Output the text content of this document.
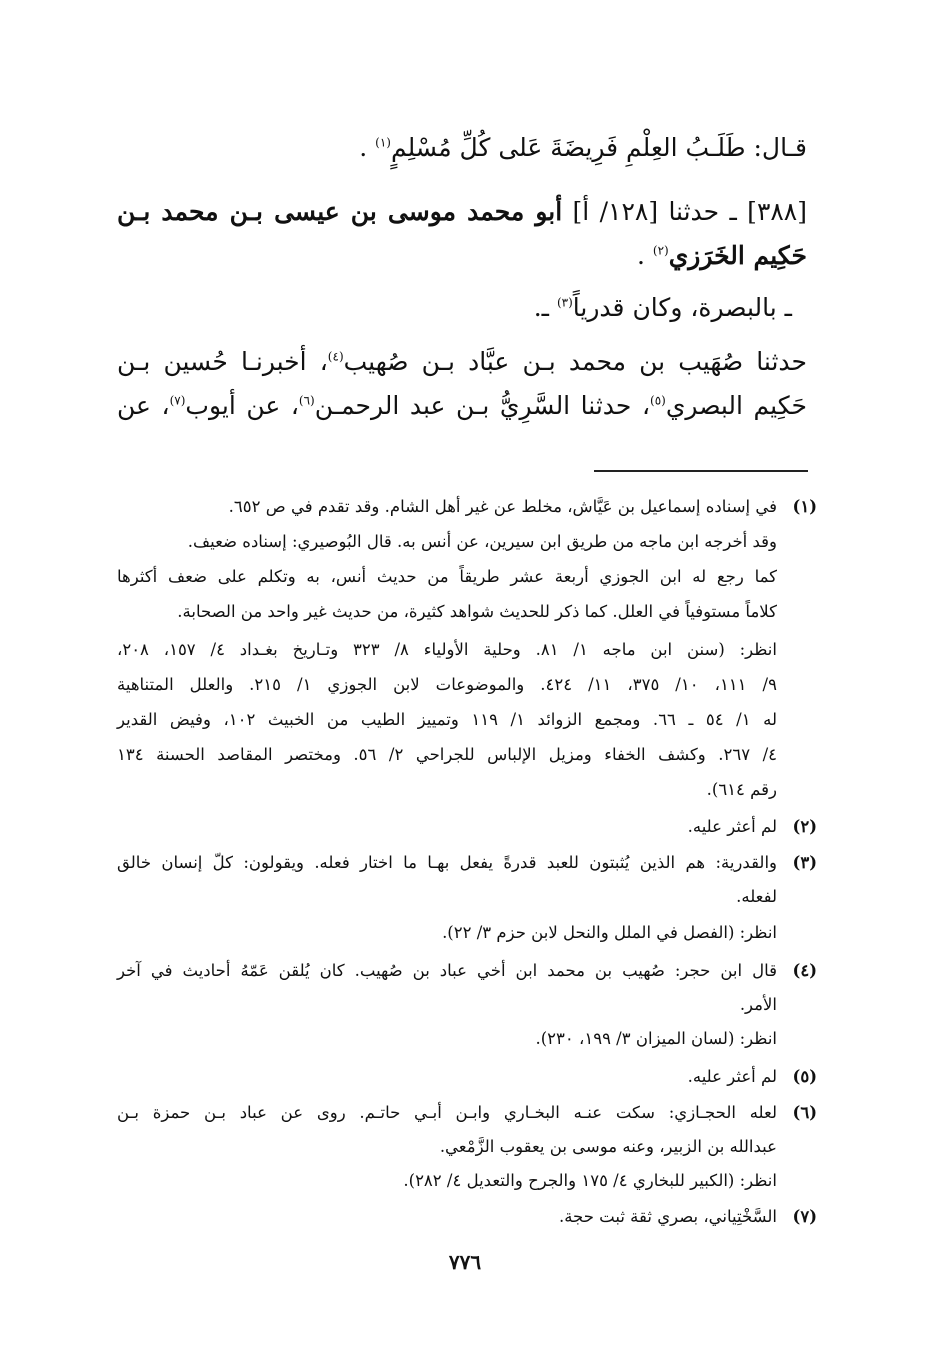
قـال: طَلَـبُ العِلْمِ فَرِيضَةَ عَلى كُلِّ مُسْلِمٍ$^{(١)}$ .
[٣٨٨] ـ حدثنا [١٢٨/ أ] أبو محمد موسى بن عيسى بـن محمد بـن
حَكِيم الخَرَزي$^{(٢)}$ .
ـ بالبصرة، وكان قدرياً$^{(٣)}$ ـ.
حدثنا صُهَيب بن محمد بـن عبَّاد بـن صُهيب$^{(٤)}$، أخبرنـا حُسين بـن
حَكِيم البصري$^{(٥)}$، حدثنا السَّرِيُّ بـن عبد الرحمـن$^{(٦)}$، عن أيوب$^{(٧)}$، عن
(١)في إسناده إسماعيل بن عَيَّاش، مخلط عن غير أهل الشام. وقد تقدم في ص ٦٥٢.
وقد أخرجه ابن ماجه من طريق ابن سيرين، عن أنس به. قال البُوصيري: إسناده ضعيف.
كما رجع له ابن الجوزي أربعة عشر طريقاً من حديث أنس، به وتكلم على ضعف أكثرها
كلاماً مستوفياً في العلل. كما ذكر للحديث شواهد كثيرة، من حديث غير واحد من الصحابة.
انظر: (سنن ابن ماجه ١/ ٨١. وحلية الأولياء ٨/ ٣٢٣ وتـاريخ بغـداد ٤/ ١٥٧، ٢٠٨،
٩/ ١١١، ١٠/ ٣٧٥، ١١/ ٤٢٤. والموضوعات لابن الجوزي ١/ ٢١٥. والعلل المتناهية
له ١/ ٥٤ ـ ٦٦. ومجمع الزوائد ١/ ١١٩ وتمييز الطيب من الخبيث ١٠٢، وفيض القدير
٤/ ٢٦٧. وكشف الخفاء ومزيل الإلباس للجراحي ٢/ ٥٦. ومختصر المقاصد الحسنة ١٣٤
رقم ٦١٤).
(٢)لم أعثر عليه.
(٣)والقدرية: هم الذين يُثبتون للعبد قدرةً يفعل بهـا ما اختار فعله. ويقولون: كلّ إنسان خالق
لفعله.
انظر: (الفصل في الملل والنحل لابن حزم ٣/ ٢٢).
(٤)قال ابن حجر: صُهيب بن محمد ابن أخي عباد بن صُهيب. كان يُلقن عَمّهُ أحاديث في آخر
الأمر.
انظر: (لسان الميزان ٣/ ١٩٩، ٢٣٠).
(٥)لم أعثر عليه.
(٦)لعله الحجـازي: سكت عنـه البخـاري وابـن أبـي حاتـم. روى عن عباد بـن حمزة بـن
عبدالله بن الزبير، وعنه موسى بن يعقوب الزَّمْعي.
انظر: (الكبير للبخاري ٤/ ١٧٥ والجرح والتعديل ٤/ ٢٨٢).
(٧)السَّخْتِياني، بصري ثقة ثبت حجة.
٧٧٦
